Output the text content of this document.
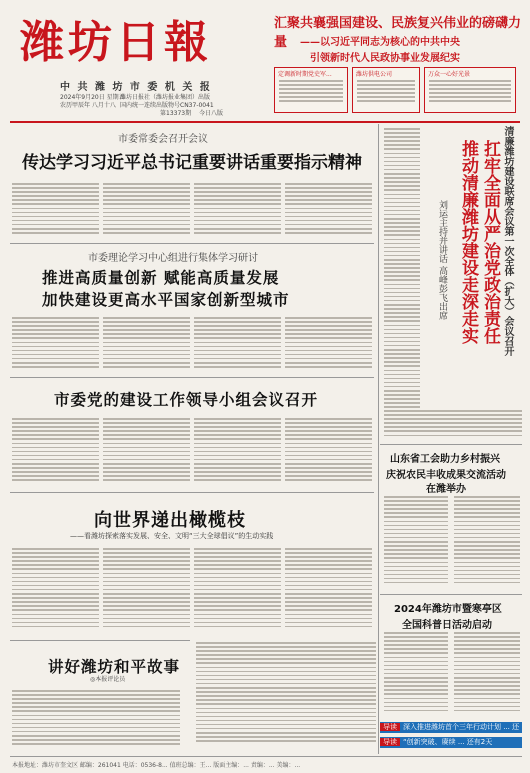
潍坊日報
中 共 潍 坊 市 委 机 关 报
2024年9月20日 星期五
农历甲辰年 八月十八
潍坊日报社（潍坊报业集团）出版
国内统一连续出版物号CN37-0041
第13373期 今日八版
汇聚共襄强国建设、民族复兴伟业的磅礴力量	——以习近平同志为核心的中共中央
引领新时代人民政协事业发展纪实
定调新时期党史军...	潍坊供电公司	万众一心好光景
市委常委会召开会议
传达学习习近平总书记重要讲话重要指示精神
市委理论学习中心组进行集体学习研讨
推进高质量创新 赋能高质量发展
加快建设更高水平国家创新型城市
市委党的建设工作领导小组会议召开
向世界递出橄榄枝
——看潍坊探索落实发展、安全、文明“三大全球倡议”的生动实践
讲好潍坊和平故事
◎本报评论员
清廉潍坊建设联席会议第一次全体（扩大）会议召开
扛牢全面从严治党政治责任
推动清廉潍坊建设走深走实
刘运主持并讲话 高峰彭飞出席
山东省工会助力乡村振兴
庆祝农民丰收成果交流活动
在潍举办
2024年潍坊市暨寒亭区
全国科普日活动启动
导读 深入推进潍坊首个三年行动计划 ... 还
导读 “创新突破、赓续 ... 还有2天
本报地址：潍坊市奎文区 邮编：261041 电话：0536-8... 值班总编：王... 版面主编：... 责编：... 美编：...
